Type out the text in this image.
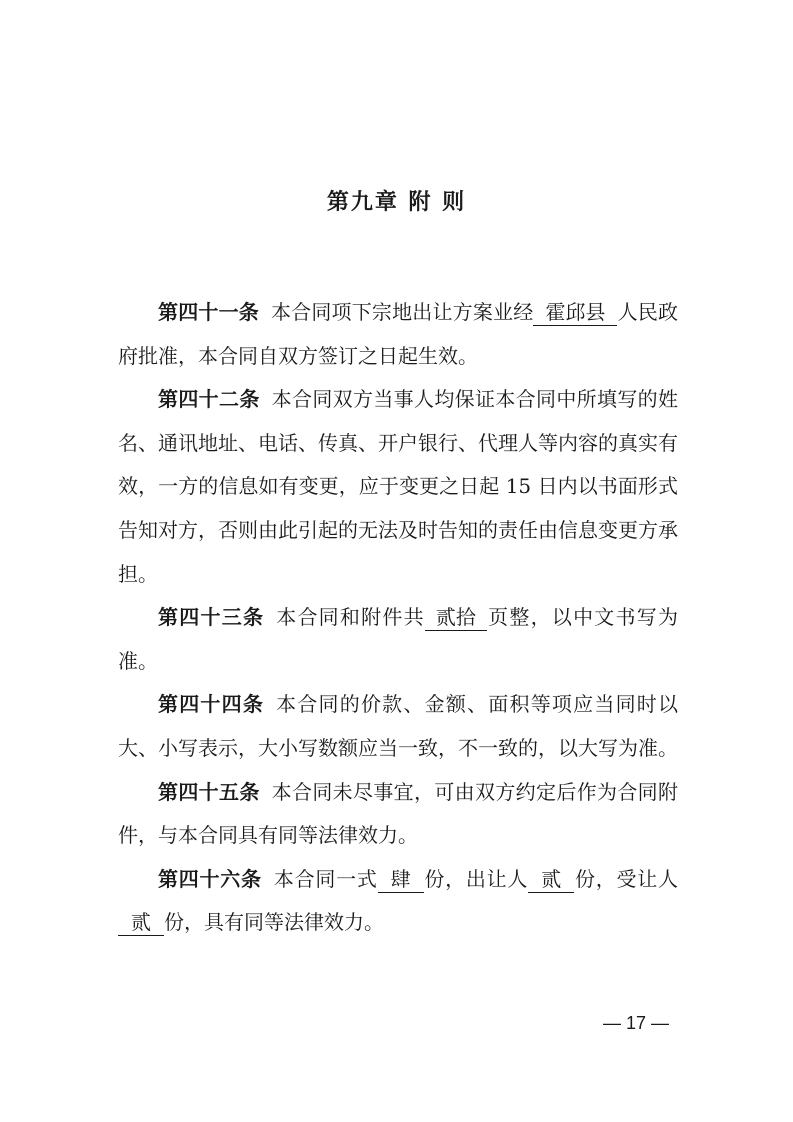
第九章 附 则

第四十一条 本合同项下宗地出让方案业经 霍邱县 人民政府批准，本合同自双方签订之日起生效。

第四十二条 本合同双方当事人均保证本合同中所填写的姓名、通讯地址、电话、传真、开户银行、代理人等内容的真实有效，一方的信息如有变更，应于变更之日起 15 日内以书面形式告知对方，否则由此引起的无法及时告知的责任由信息变更方承担。

第四十三条 本合同和附件共 贰拾 页整，以中文书写为准。

第四十四条 本合同的价款、金额、面积等项应当同时以大、小写表示，大小写数额应当一致，不一致的，以大写为准。

第四十五条 本合同未尽事宜，可由双方约定后作为合同附件，与本合同具有同等法律效力。

第四十六条 本合同一式 肆 份，出让人 贰 份，受让人贰 份，具有同等法律效力。

— 17 —
